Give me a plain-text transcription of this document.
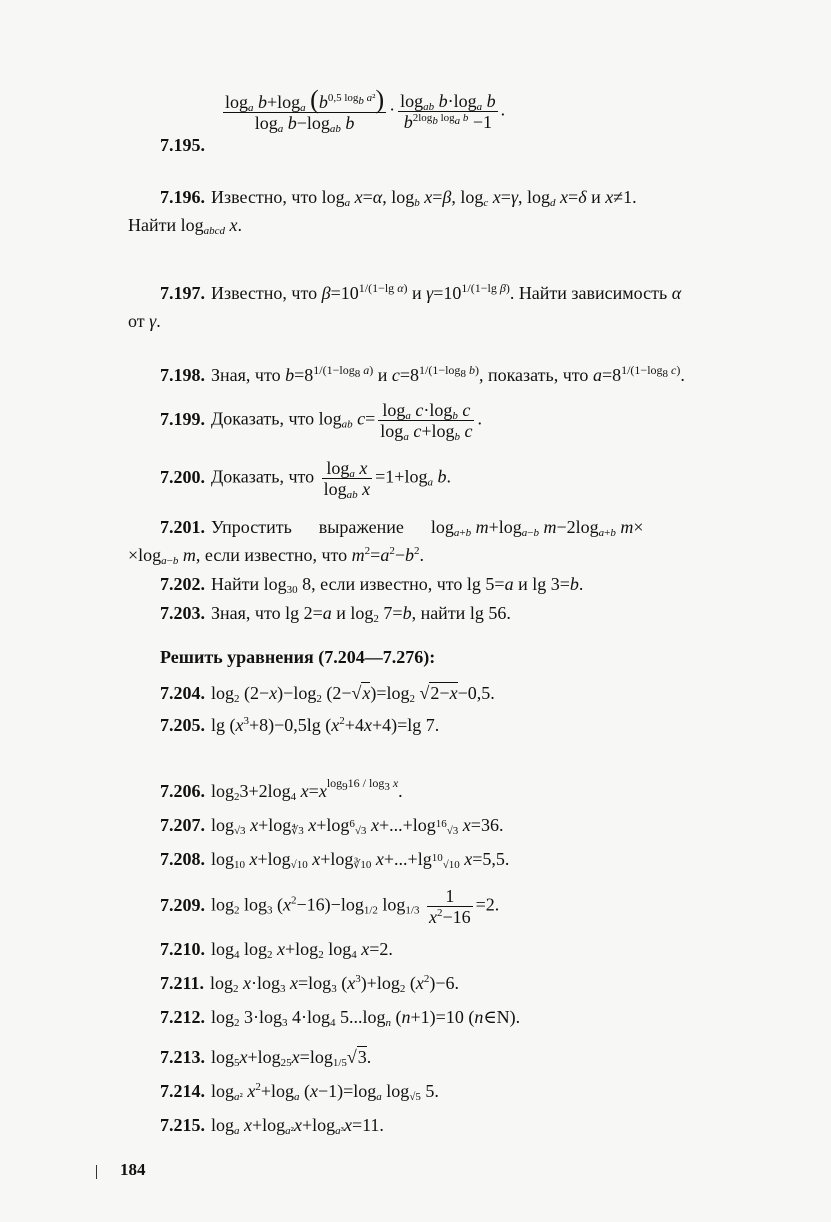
7.195.
$\frac{\log_a b+\log_a (b^{0,5 log_b a^2})}{\log_a b-\log_{ab} b} \cdot \frac{\log_{ab} b\cdot\log_a b}{b^{2log_b log_a b} -1}$ .
7.196. Известно, что $\log_a x=\alpha$, $\log_b x=\beta$, $\log_c x=\gamma$, $\log_d x=\delta$ и x≠1.
Найти $\log_{abcd} x$.
7.197. Известно, что $\beta=10^{1/(1-lg \alpha)}$ и $\gamma=10^{1/(1-lg \beta)}$. Найти зависимость α
от γ.
7.198. Зная, что $b=8^{1/(1-log_8 a)}$ и $c=8^{1/(1-log_8 b)}$, показать, что $a=8^{1/(1-log_8 c)}$.
7.199. Доказать, что $\log_{ab} c= \frac{\log_a c\cdot\log_b c}{\log_a c+\log_b c}$ .
7.200. Доказать, что $\frac{\log_a x}{\log_{ab} x} =1+\log_a$ b.
7.201. Упростить      выражение      $\log_{a+b} m+\log_{a-b}$ $m-2\log_{a+b}$ m×
$\times\log_{a-b}$ m, если известно, что $m^2=a^2-b^2$.
7.202. Найти $\log_{30} 8$, если известно, что lg 5=a и lg 3=b.
7.203. Зная, что lg 2=a и $\log_2 7=b$, найти lg 56.
Решить уравнения (7.204—7.276):
7.204. $\log_2 (2-x)-\log_2$ $(2-√x)=\log_2$ √2−x−0,5.
7.205. $\lg (x^3+8)-0,5\lg$ $(x^2+4x+4)=\lg$ 7.
7.206. $\log_23+2\log_4$ $x=x^{log_916 / log_3 x}$.
7.207. $\log_{√3} x+\log_{∜3}$ $x+\log_{^6√3}$ $x+...+\log_{^{16}√3}$ x=36.
7.208. $\log_{10} x+\log_{√10}$ $x+\log_{∛10}$ $x+...+\lg_{^{10}√10}$ x=5,5.
7.209. $\log_2 \log_3 (x^2-16)-\log_{1/2}$ $\log_{1/3} \frac{1}{x^2-16} =2$.
7.210. $\log_4 \log_2 x+\log_2$ $\log_4 x=2$.
7.211. $\log_2 x\cdot\log_3$ $x=\log_3$ $(x^3)+\log_2$ $(x^2)-6$.
7.212. $\log_2 3\cdot\log_3$ $4\cdot\log_4$ $5...\log_n$ (n+1)=10 (n∈N).
7.213. $\log_5x+\log_{25}x=\log_{1/5}√3$.
7.214. $\log_{a^2} x^2+\log_a$ $(x-1)=\log_a$ $\log_{√5} 5$.
7.215. $\log_a x+\log_{a^2}x+\log_{a^3}x=11$.
184
